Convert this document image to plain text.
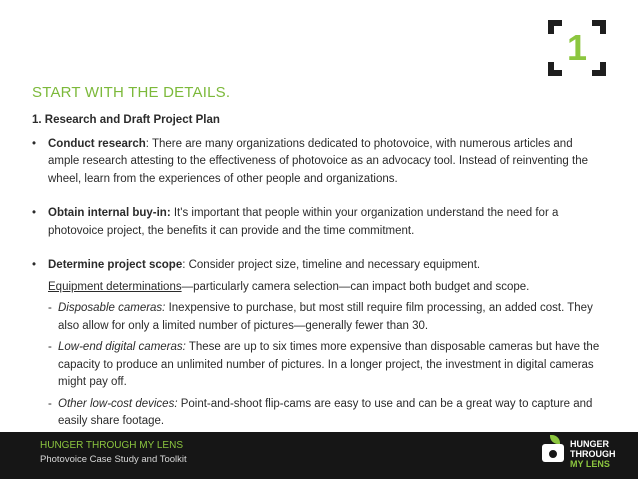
1
START WITH THE DETAILS.
1. Research and Draft Project Plan
• Conduct research: There are many organizations dedicated to photovoice, with numerous articles and ample research attesting to the effectiveness of photovoice as an advocacy tool. Instead of reinventing the wheel, learn from the experiences of other people and organizations.
• Obtain internal buy-in: It's important that people within your organization understand the need for a photovoice project, the benefits it can provide and the time commitment.
• Determine project scope: Consider project size, timeline and necessary equipment.
Equipment determinations—particularly camera selection—can impact both budget and scope.
- Disposable cameras: Inexpensive to purchase, but most still require film processing, an added cost. They also allow for only a limited number of pictures—generally fewer than 30.
- Low-end digital cameras: These are up to six times more expensive than disposable cameras but have the capacity to produce an unlimited number of pictures. In a longer project, the investment in digital cameras might pay off.
- Other low-cost devices: Point-and-shoot flip-cams are easy to use and can be a great way to capture and easily share footage.
HUNGER THROUGH MY LENS
Photovoice Case Study and Toolkit
HUNGER
THROUGH
MY LENS
